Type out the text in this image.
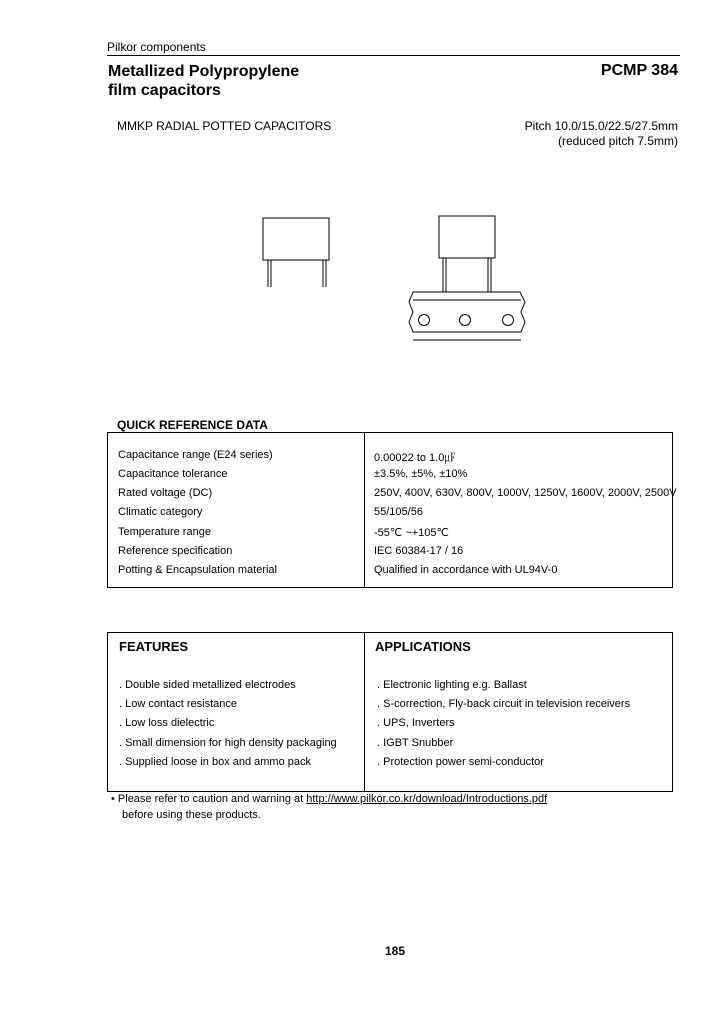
Pilkor components
Metallized Polypropylene
film capacitors
PCMP 384
MMKP RADIAL POTTED CAPACITORS	Pitch 10.0/15.0/22.5/27.5mm
(reduced pitch 7.5mm)
QUICK REFERENCE DATA
Capacitance range (E24 series)	0.00022 to 1.0㎌
Capacitance tolerance	±3.5%, ±5%, ±10%
Rated voltage (DC)	250V, 400V, 630V, 800V, 1000V, 1250V, 1600V, 2000V, 2500V
Climatic category	55/105/56
Temperature range	-55℃ ~+105℃
Reference specification	IEC 60384-17 / 16
Potting & Encapsulation material	Qualified in accordance with UL94V-0
FEATURES	APPLICATIONS
. Double sided metallized electrodes
. Low contact resistance
. Low loss dielectric
. Small dimension for high density packaging
. Supplied loose in box and ammo pack
. Electronic lighting e.g. Ballast
. S-correction, Fly-back circuit in television receivers
. UPS, Inverters
. IGBT Snubber
. Protection power semi-conductor
• Please refer to caution and warning at http://www.pilkor.co.kr/download/Introductions.pdf
before using these products.
185
